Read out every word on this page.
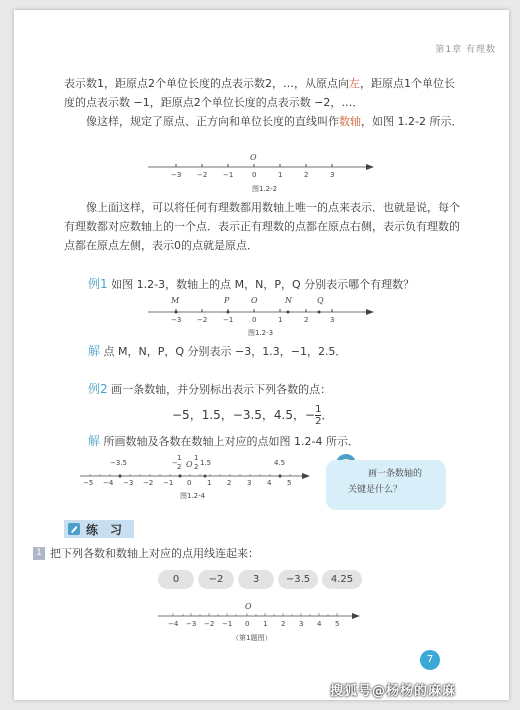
第1章 有理数
表示数1，距原点2个单位长度的点表示数2，…，从原点向左，距原点1个单位长度的点表示数 −1，距原点2个单位长度的点表示数 −2，…．
像这样，规定了原点、正方向和单位长度的直线叫作数轴，如图 1.2-2 所示．
O
−3 −2 −1	0	1	2	3
图1.2-2
像上面这样，可以将任何有理数都用数轴上唯一的点来表示．也就是说，每个有理数都对应数轴上的一个点．表示正有理数的点都在原点右侧，表示负有理数的点都在原点左侧，表示0的点就是原点．
例1 如图 1.2-3，数轴上的点 M，N，P，Q 分别表示哪个有理数？
M	P	O	N	Q
−3 −2 −1	0	1	2	3
图1.2-3
解 点 M，N，P，Q 分别表示 −3，1.3，−1，2.5．
例2 画一条数轴，并分别标出表示下列各数的点：
−5，1.5，−3.5，4.5，− $\frac{1}{2}$ ．
解 所画数轴及各数在数轴上对应的点如图 1.2-4 所示．
−3.5	−
1
2 O
1
2 1.5	4.5
−5 −4 −3 −2 −1 0 1 2 3 4 5
图1.2-4
画一条数轴的
关键是什么？
练　习
1 把下列各数和数轴上对应的点用线连起来：
0	−2	3	−3.5	4.25
O
−4 −3 −2 −1 0 1 2 3 4 5
（第1题图）
7
搜狐号@杨杨的麻麻
